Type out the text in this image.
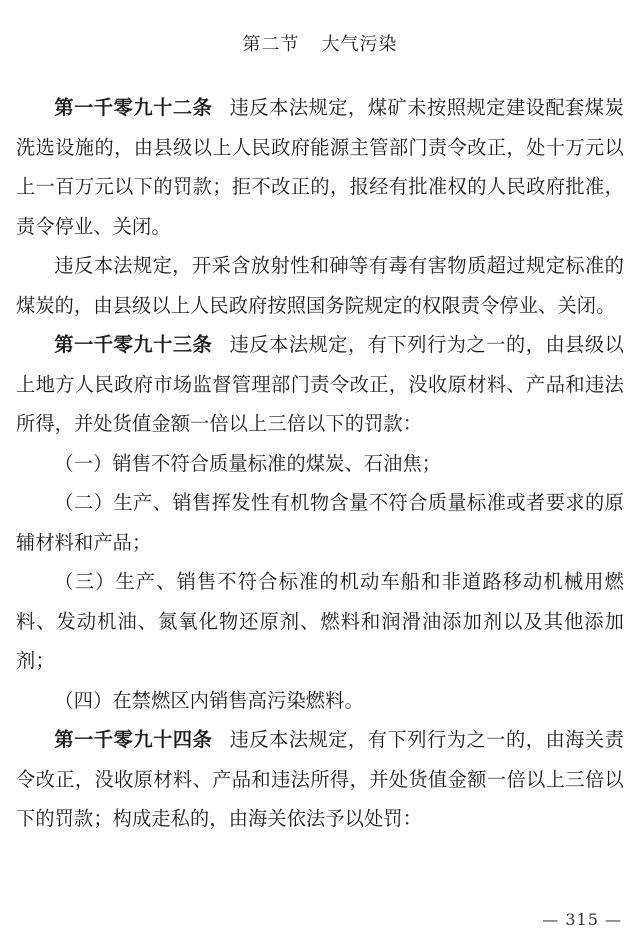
第二节 大气污染

第一千零九十二条 违反本法规定，煤矿未按照规定建设配套煤炭洗选设施的，由县级以上人民政府能源主管部门责令改正，处十万元以上一百万元以下的罚款；拒不改正的，报经有批准权的人民政府批准，责令停业、关闭。

违反本法规定，开采含放射性和砷等有毒有害物质超过规定标准的煤炭的，由县级以上人民政府按照国务院规定的权限责令停业、关闭。

第一千零九十三条 违反本法规定，有下列行为之一的，由县级以上地方人民政府市场监督管理部门责令改正，没收原材料、产品和违法所得，并处货值金额一倍以上三倍以下的罚款：

（一）销售不符合质量标准的煤炭、石油焦；

（二）生产、销售挥发性有机物含量不符合质量标准或者要求的原辅材料和产品；

（三）生产、销售不符合标准的机动车船和非道路移动机械用燃料、发动机油、氮氧化物还原剂、燃料和润滑油添加剂以及其他添加剂；

（四）在禁燃区内销售高污染燃料。

第一千零九十四条 违反本法规定，有下列行为之一的，由海关责令改正，没收原材料、产品和违法所得，并处货值金额一倍以上三倍以下的罚款；构成走私的，由海关依法予以处罚：

— 315 —
